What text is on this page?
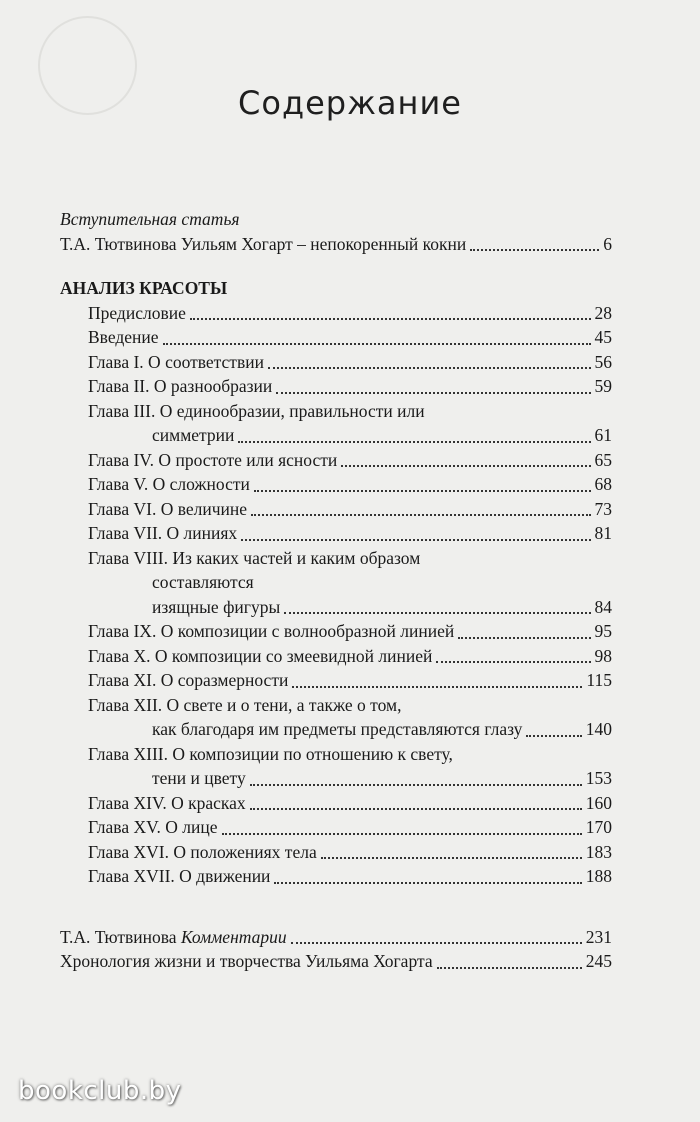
Содержание
Вступительная статья
Т.А. Тютвинова Уильям Хогарт – непокоренный кокни	6
АНАЛИЗ КРАСОТЫ
Предисловие	28
Введение	45
Глава I. О соответствии	56
Глава II. О разнообразии	59
Глава III. О единообразии, правильности или
симметрии	61
Глава IV. О простоте или ясности	65
Глава V. О сложности	68
Глава VI. О величине	73
Глава VII. О линиях	81
Глава VIII. Из каких частей и каким образом
составляются
изящные фигуры	84
Глава IX. О композиции с волнообразной линией	95
Глава X. О композиции со змеевидной линией	98
Глава XI. О соразмерности	115
Глава XII. О свете и о тени, а также о том,
как благодаря им предметы представляются глазу	140
Глава XIII. О композиции по отношению к свету,
тени и цвету	153
Глава XIV. О красках	160
Глава XV. О лице	170
Глава XVI. О положениях тела	183
Глава XVII. О движении	188
Т.А. Тютвинова Комментарии	231
Хронология жизни и творчества Уильяма Хогарта	245
bookclub.by
